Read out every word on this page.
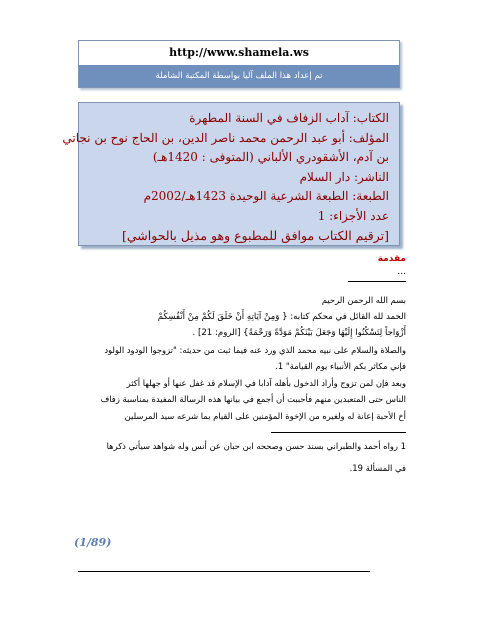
http://www.shamela.ws
تم إعداد هذا الملف آليا بواسطة المكتبة الشاملة
الكتاب: آداب الزفاف في السنة المطهرة
المؤلف: أبو عبد الرحمن محمد ناصر الدين، بن الحاج نوح بن نجاتي
بن آدم، الأشقودري الألباني (المتوفى : 1420هـ)
الناشر: دار السلام
الطبعة: الطبعة الشرعية الوحيدة 1423هـ/2002م
عدد الأجزاء: 1
[ترقيم الكتاب موافق للمطبوع وهو مذيل بالحواشي]
مقدمة
...
بسم الله الرحمن الرحيم
الحمد لله القائل في محكم كتابه: { وَمِنْ آيَاتِهِ أَنْ خَلَقَ لَكُمْ مِنْ أَنْفُسِكُمْ
أَزْوَاجاً لِتَسْكُنُوا إِلَيْهَا وَجَعَلَ بَيْنَكُمْ مَوَدَّةً وَرَحْمَةً} [الروم: 21] .
والصلاة والسلام على نبيه محمد الذي ورد عنه فيما ثبت من حديثه: "تزوجوا الودود الولود
فإني مكاثر بكم الأنبياء يوم القيامة" 1.
وبعد فإن لمن تزوج وأراد الدخول بأهله آدابا في الإسلام قد غفل عنها أو جهلها أكثر
الناس حتى المتعبدين منهم فأحببت أن أجمع في بيانها هذه الرسالة المفيدة بمناسبة زفاف
أخ الأحبة إعانة له ولغيره من الإخوة المؤمنين على القيام بما شرعه سيد المرسلين
1 رواه أحمد والطبراني بسند حسن وصححه ابن حبان عن أنس وله شواهد سيأتي ذكرها
في المسألة 19.
(1/89)
